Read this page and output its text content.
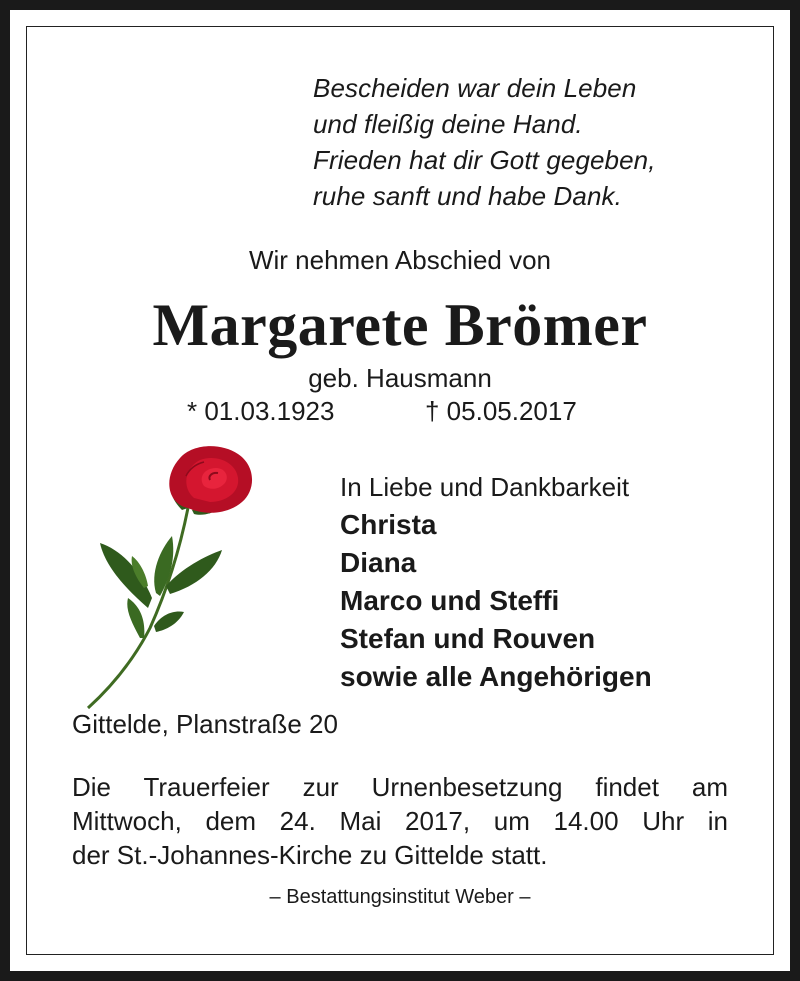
Bescheiden war dein Leben
und fleißig deine Hand.
Frieden hat dir Gott gegeben,
ruhe sanft und habe Dank.
Wir nehmen Abschied von
Margarete Brömer
geb. Hausmann
* 01.03.1923	† 05.05.2017
In Liebe und Dankbarkeit
Christa
Diana
Marco und Steffi
Stefan und Rouven
sowie alle Angehörigen
Gittelde, Planstraße 20
Die Trauerfeier zur Urnenbesetzung findet am
Mittwoch, dem 24. Mai 2017, um 14.00 Uhr in
der St.-Johannes-Kirche zu Gittelde statt.
– Bestattungsinstitut Weber –
